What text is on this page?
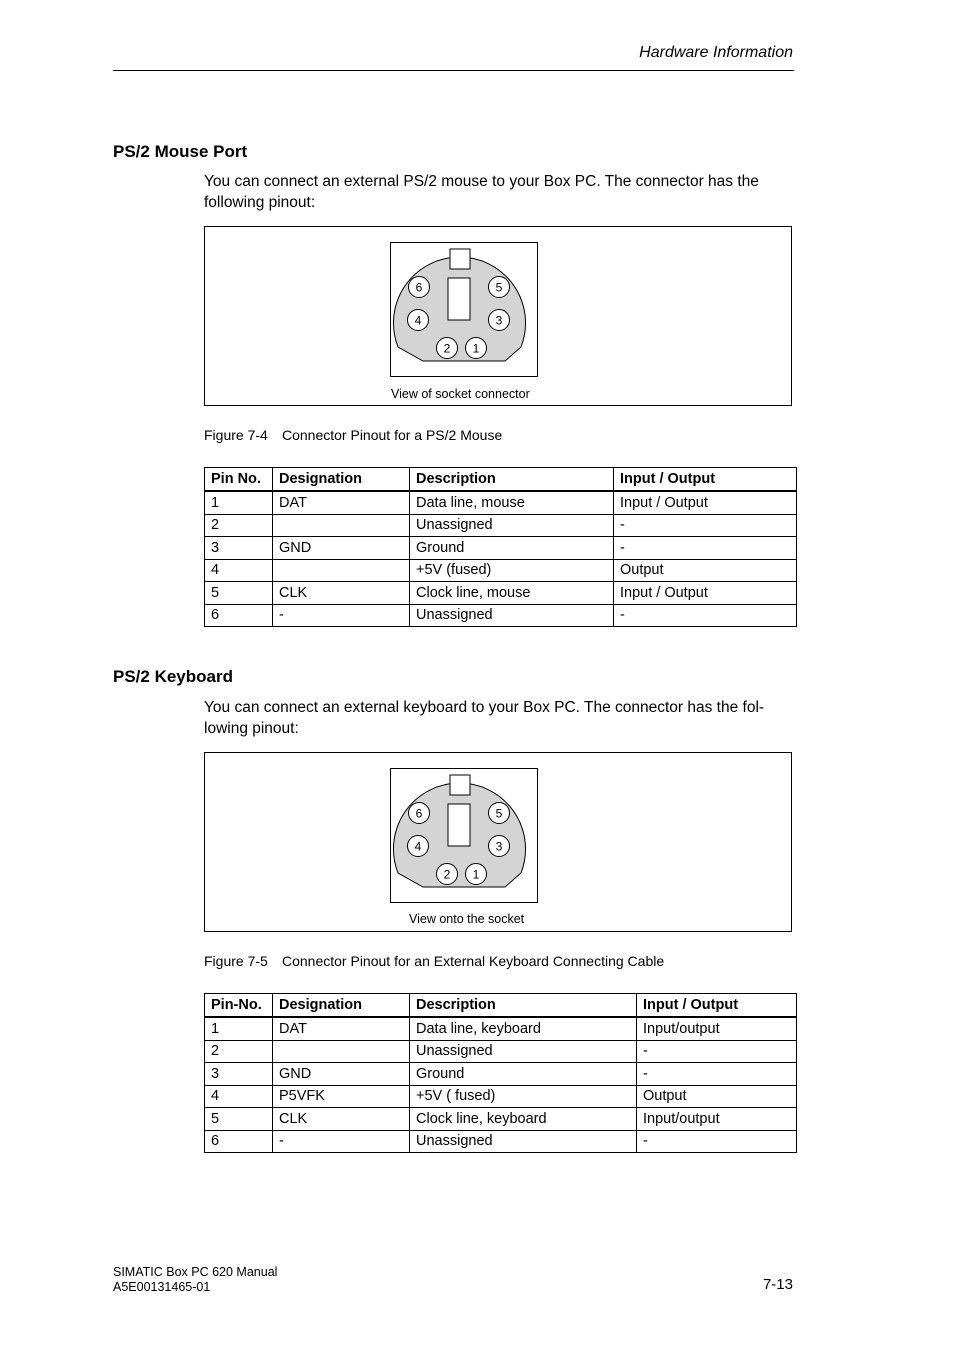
Hardware Information
PS/2 Mouse Port
You can connect an external PS/2 mouse to your Box PC. The connector has the
following pinout:
6	5
4	3
2 1
View of socket connector
Figure 7-4 Connector Pinout for a PS/2 Mouse
Pin No.	Designation	Description	Input / Output
1	DAT	Data line, mouse	Input / Output
2		Unassigned	-
3	GND	Ground	-
4		+5V (fused)	Output
5	CLK	Clock line, mouse	Input / Output
6	-	Unassigned	-
PS/2 Keyboard
You can connect an external keyboard to your Box PC. The connector has the fol-
lowing pinout:
6	5
4	3
2 1
View onto the socket
Figure 7-5 Connector Pinout for an External Keyboard Connecting Cable
Pin-No.	Designation	Description	Input / Output
1	DAT	Data line, keyboard	Input/output
2		Unassigned	-
3	GND	Ground	-
4	P5VFK	+5V ( fused)	Output
5	CLK	Clock line, keyboard	Input/output
6	-	Unassigned	-
SIMATIC Box PC 620 Manual
A5E00131465-01	7-13
